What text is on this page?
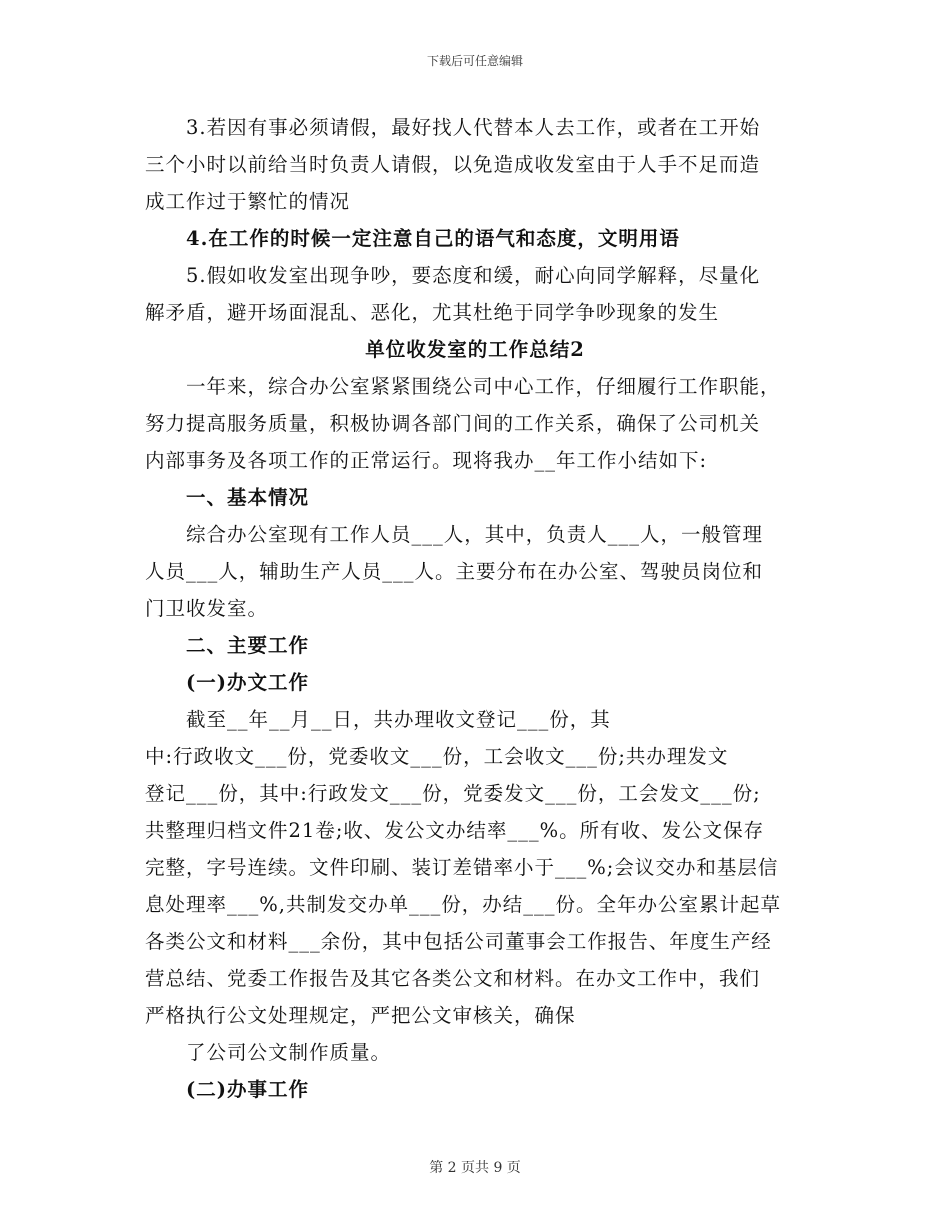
下载后可任意编辑

3.若因有事必须请假，最好找人代替本人去工作，或者在工开始

三个小时以前给当时负责人请假，以免造成收发室由于人手不足而造

成工作过于繁忙的情况

4.在工作的时候一定注意自己的语气和态度，文明用语

5.假如收发室出现争吵，要态度和缓，耐心向同学解释，尽量化

解矛盾，避开场面混乱、恶化，尤其杜绝于同学争吵现象的发生

单位收发室的工作总结2

一年来，综合办公室紧紧围绕公司中心工作，仔细履行工作职能，

努力提高服务质量，积极协调各部门间的工作关系，确保了公司机关

内部事务及各项工作的正常运行。现将我办__年工作小结如下:

一、基本情况

综合办公室现有工作人员___人，其中，负责人___人，一般管理

人员___人，辅助生产人员___人。主要分布在办公室、驾驶员岗位和

门卫收发室。

二、主要工作

(一)办文工作

截至__年__月__日，共办理收文登记___份，其

中:行政收文___份，党委收文___份，工会收文___份;共办理发文

登记___份，其中:行政发文___份，党委发文___份，工会发文___份;

共整理归档文件21卷;收、发公文办结率___%。所有收、发公文保存

完整，字号连续。文件印刷、装订差错率小于___%;会议交办和基层信

息处理率___%,共制发交办单___份，办结___份。全年办公室累计起草

各类公文和材料___余份，其中包括公司董事会工作报告、年度生产经

营总结、党委工作报告及其它各类公文和材料。在办文工作中，我们

严格执行公文处理规定，严把公文审核关，确保

了公司公文制作质量。

(二)办事工作

第 2 页共 9 页
